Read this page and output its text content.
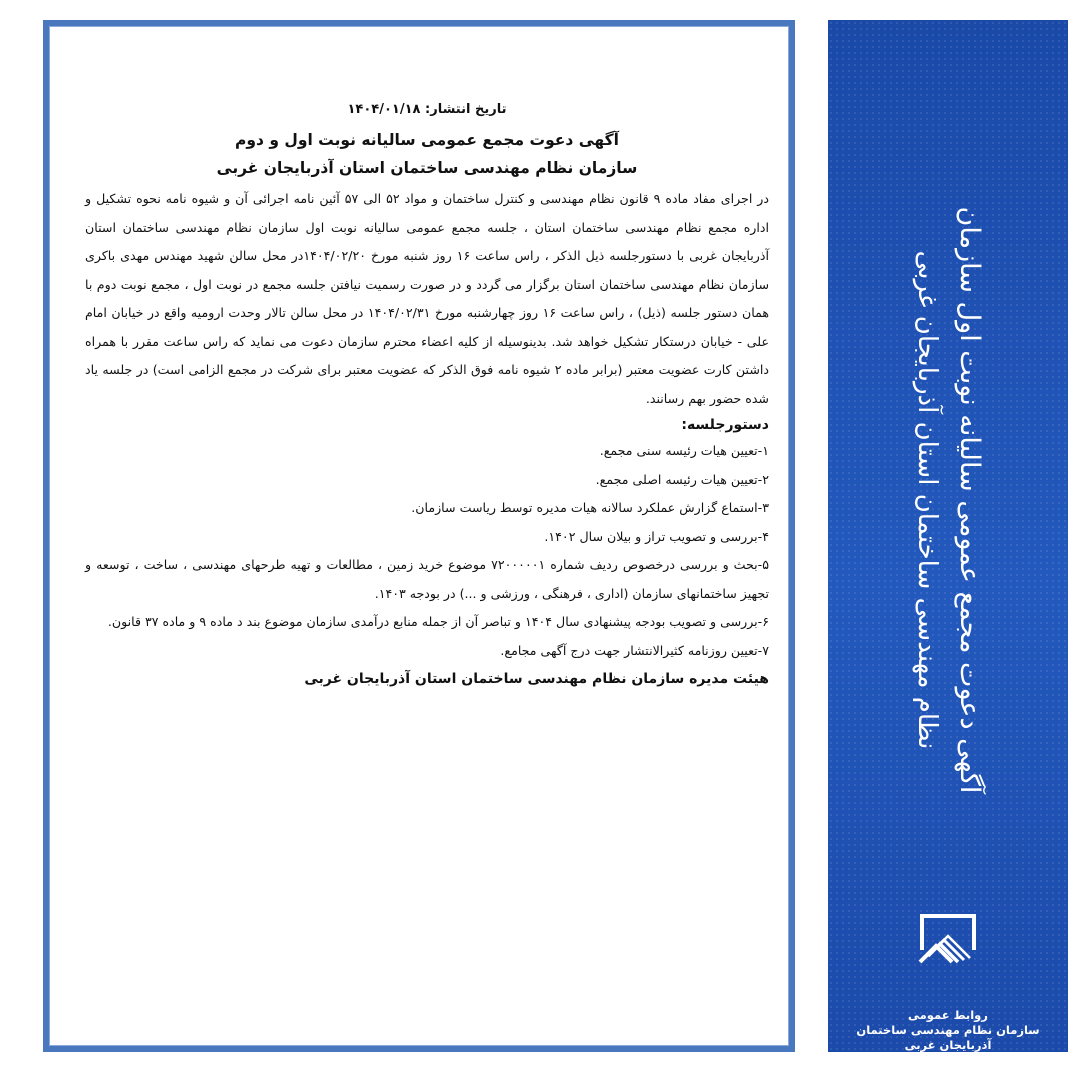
تاریخ انتشار: ۱۴۰۴/۰۱/۱۸

آگهی دعوت مجمع عمومی سالیانه نوبت اول و دوم

سازمان نظام مهندسی ساختمان استان آذربایجان غربی

در اجرای مفاد ماده ۹ قانون نظام مهندسی و کنترل ساختمان و مواد ۵۲ الی ۵۷ آئین نامه اجرائی آن و شیوه نامه نحوه تشکیل و اداره مجمع نظام مهندسی ساختمان استان ، جلسه مجمع عمومی سالیانه نوبت اول سازمان نظام مهندسی ساختمان استان آذربایجان غربی با دستورجلسه ذیل الذکر ، راس ساعت ۱۶ روز شنبه مورخ ۱۴۰۴/۰۲/۲۰در محل سالن شهید مهندس مهدی باکری سازمان نظام مهندسی ساختمان استان برگزار می گردد و در صورت رسمیت نیافتن جلسه مجمع در نوبت اول ، مجمع نوبت دوم با همان دستور جلسه (ذیل) ، راس ساعت ۱۶ روز چهارشنبه مورخ ۱۴۰۴/۰۲/۳۱ در محل سالن تالار وحدت ارومیه واقع در خیابان امام علی - خیابان درستکار تشکیل خواهد شد. بدینوسیله از کلیه اعضاء محترم سازمان دعوت می نماید که راس ساعت مقرر با همراه داشتن کارت عضویت معتبر (برابر ماده ۲ شیوه نامه فوق الذکر که عضویت معتبر برای شرکت در مجمع الزامی است) در جلسه یاد شده حضور بهم رسانند.

دستورجلسه:

۱-تعیین هیات رئیسه سنی مجمع.
۲-تعیین هیات رئیسه اصلی مجمع.
۳-استماع گزارش عملکرد سالانه هیات مدیره توسط ریاست سازمان.
۴-بررسی و تصویب تراز و بیلان سال ۱۴۰۲.
۵-بحث و بررسی درخصوص ردیف شماره ۷۲۰۰۰۰۰۱ موضوع خرید زمین ، مطالعات و تهیه طرحهای مهندسی ، ساخت ، توسعه و تجهیز ساختمانهای سازمان (اداری ، فرهنگی ، ورزشی و ...) در بودجه ۱۴۰۳.
۶-بررسی و تصویب بودجه پیشنهادی سال ۱۴۰۴ و تباصر آن از جمله منابع درآمدی سازمان موضوع بند د ماده ۹ و ماده ۳۷ قانون.
۷-تعیین روزنامه کثیرالانتشار جهت درج آگهی مجامع.

هیئت مدیره سازمان نظام مهندسی ساختمان استان آذربایجان غربی	آگهی دعوت مجمع عمومی سالیانه نوبت اول سازمان
نظام مهندسی ساختمان استان آذربایجان غربی
روابط عمومی
سازمان نظام مهندسی ساختمان
آذربایجان غربی
